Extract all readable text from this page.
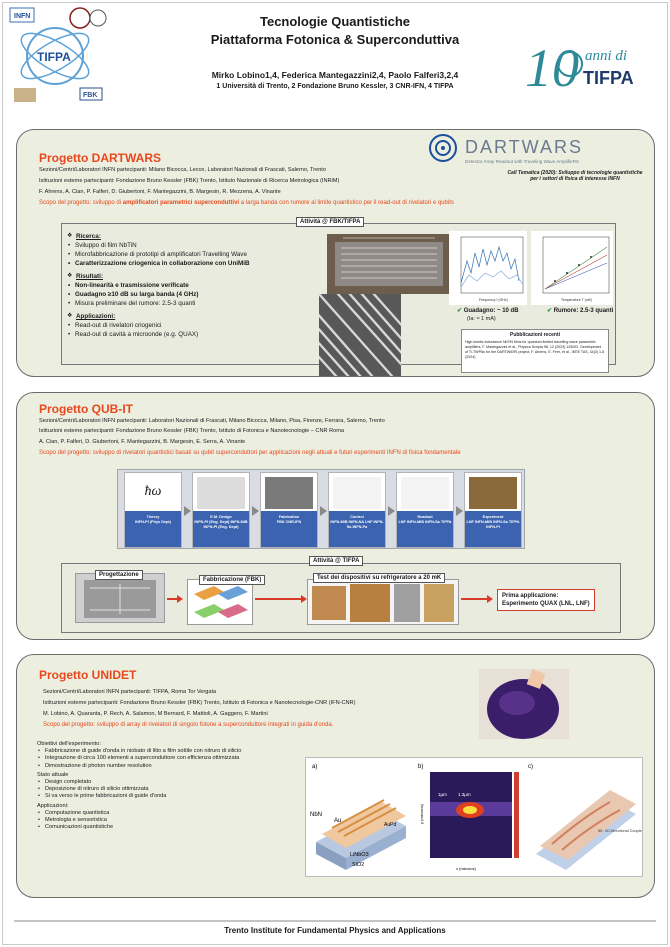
INFN
TIFPA
FBK
Tecnologie Quantistiche
Piattaforma Fotonica & Superconduttiva
Mirko Lobino1,4, Federica Mantegazzini2,4, Paolo Falferi3,2,4
1 Università di Trento, 2 Fondazione Bruno Kessler, 3 CNR-IFN, 4 TIFPA	10 anni di
TIFPA
Progetto DARTWARS
Sezioni/Centri/Laboratori INFN partecipanti: Milano Bicocca, Lecce, Laboratori Nazionali di Frascati, Salerno, Trento
Istituzioni esterne partecipanti: Fondazione Bruno Kessler (FBK) Trento, Istituto Nazionale di Ricerca Metrologica (INRiM)
F. Ahrens, A. Cian, P. Falferi, D. Giubertoni, F. Mantegazzini, B. Margesin, R. Mezzena, A. Vinante
Scopo del progetto: sviluppo di amplificatori parametrici superconduttivi a larga banda con rumore al limite quantistico per il read-out di rivelatori e qubits
DARTWARS
Detector Array Readout with Traveling Wave AmplifieRS
Call Tematica (2020): Sviluppo di tecnologie quantistiche per i settori di fisica di interesse INFN
Attività @ FBK/TIFPA
❖ Ricerca:
• Sviluppo di film NbTiN
• Microfabbricazione di prototipi di amplificatori Travelling Wave
• Caratterizzazione criogenica in collaborazione con UniMiB
❖ Risultati:
• Non-linearità e trasmissione verificate
• Guadagno ≥10 dB su larga banda (4 GHz)
• Misura preliminare del rumore: 2.5-3 quanti
❖ Applicazioni:
• Read-out di rivelatori criogenici
• Read-out di cavità a microonde (e.g. QUAX)
Frequency f (GHz)
✔ Guadagno: ~ 10 dB
(Ia: ≈ 1 mA)
Temperature T (mK)
✔ Rumore: 2.5-3 quanti
Pubblicazioni recenti
High kinetic inductance NbTiN films for quantum limited travelling wave parametric amplifiers, F. Mantegazzini et al., Physica Scripta 98, 12 (2023) 125002. Development of Ti-TWPAs for the DARTWARS project, F. Ahrens, E. Ferri, et al., IEEE TAS, 34(3) 1-6 (2024)
Progetto QUB-IT
Sezioni/Centri/Laboratori INFN partecipanti: Laboratori Nazionali di Frascati, Milano Bicocca, Milano, Pisa, Firenze, Ferrara, Salerno, Trento
Istituzioni esterne partecipanti: Fondazione Bruno Kessler (FBK) Trento, Istituto di Fotonica e Nanotecnologie – CNR Roma
A. Cian, P. Falferi, D. Giubertoni, F. Mantegazzini, B. Margesin, E. Serra, A. Vinante
Scopo del progetto: sviluppo di rivelatori quantistici basati su qubit superconduttori per applicazioni negli attuali e futuri esperimenti INFN di fisica fondamentale
ħω
Theory
INFN-PI (Phys Dept)
E.M. Design
INFN-PI (Eng. Dept) INFN-MIB INFN-PI (Eng. Dept)
Fabrication
FBK CNR-IFN
Control
INFN-MIB INFN-NA LNF INFN-Sa INFN-Pa
Readout
LNF INFN-MIB INFN-Sa TIFPA
Experiment
LNF INFN-MIB INFN-Sa TIFPA INFN-PI
Attività @ TIFPA
Progettazione
Fabbricazione (FBK)	Test dei dispositivi su refrigeratore a 20 mK
Prima applicazione:
Esperimento QUAX (LNL, LNF)
Progetto UNIDET
Sezioni/Centri/Laboratori INFN partecipanti: TIFPA, Roma Tor Vergata
Istituzioni esterne partecipanti: Fondazione Bruno Kessler (FBK) Trento, Istituto di Fotonica e Nanotecnologie-CNR (IFN-CNR)
M. Lobino, A. Quaranta, P. Rech, A. Salamon, M Bernard, F. Mattioli, A. Gaggero, F. Martini
Scopo del progetto: sviluppo di array di rivelatori di singolo fotone a superconduttore integrati in guida d'onda.
Obiettivi dell'esperimento:
• Fabbricazione di guide d'onda in niobato di litio a film sottile con nitruro di silicio
• Integrazione di circa 100 elementi a superconduttore con efficienza ottimizzata
• Dimostrazione di photon number resolution
Stato attuale
• Design completato
• Deposizione di nitruro di silicio ottimizzata
• Si va verso le prime fabbricazioni di guide d'onda
Applicazioni:
• Computazione quantistica
• Metrologia e sensoristica
• Comunicazioni quantistiche
a)
NbN
Au
AuPd
LiNbO3
SiO2
b)
1µm 1.3µm
x (microns)
y (microns)
c)
50 : 50 Directional Coupler
Trento Institute for Fundamental Physics and Applications
